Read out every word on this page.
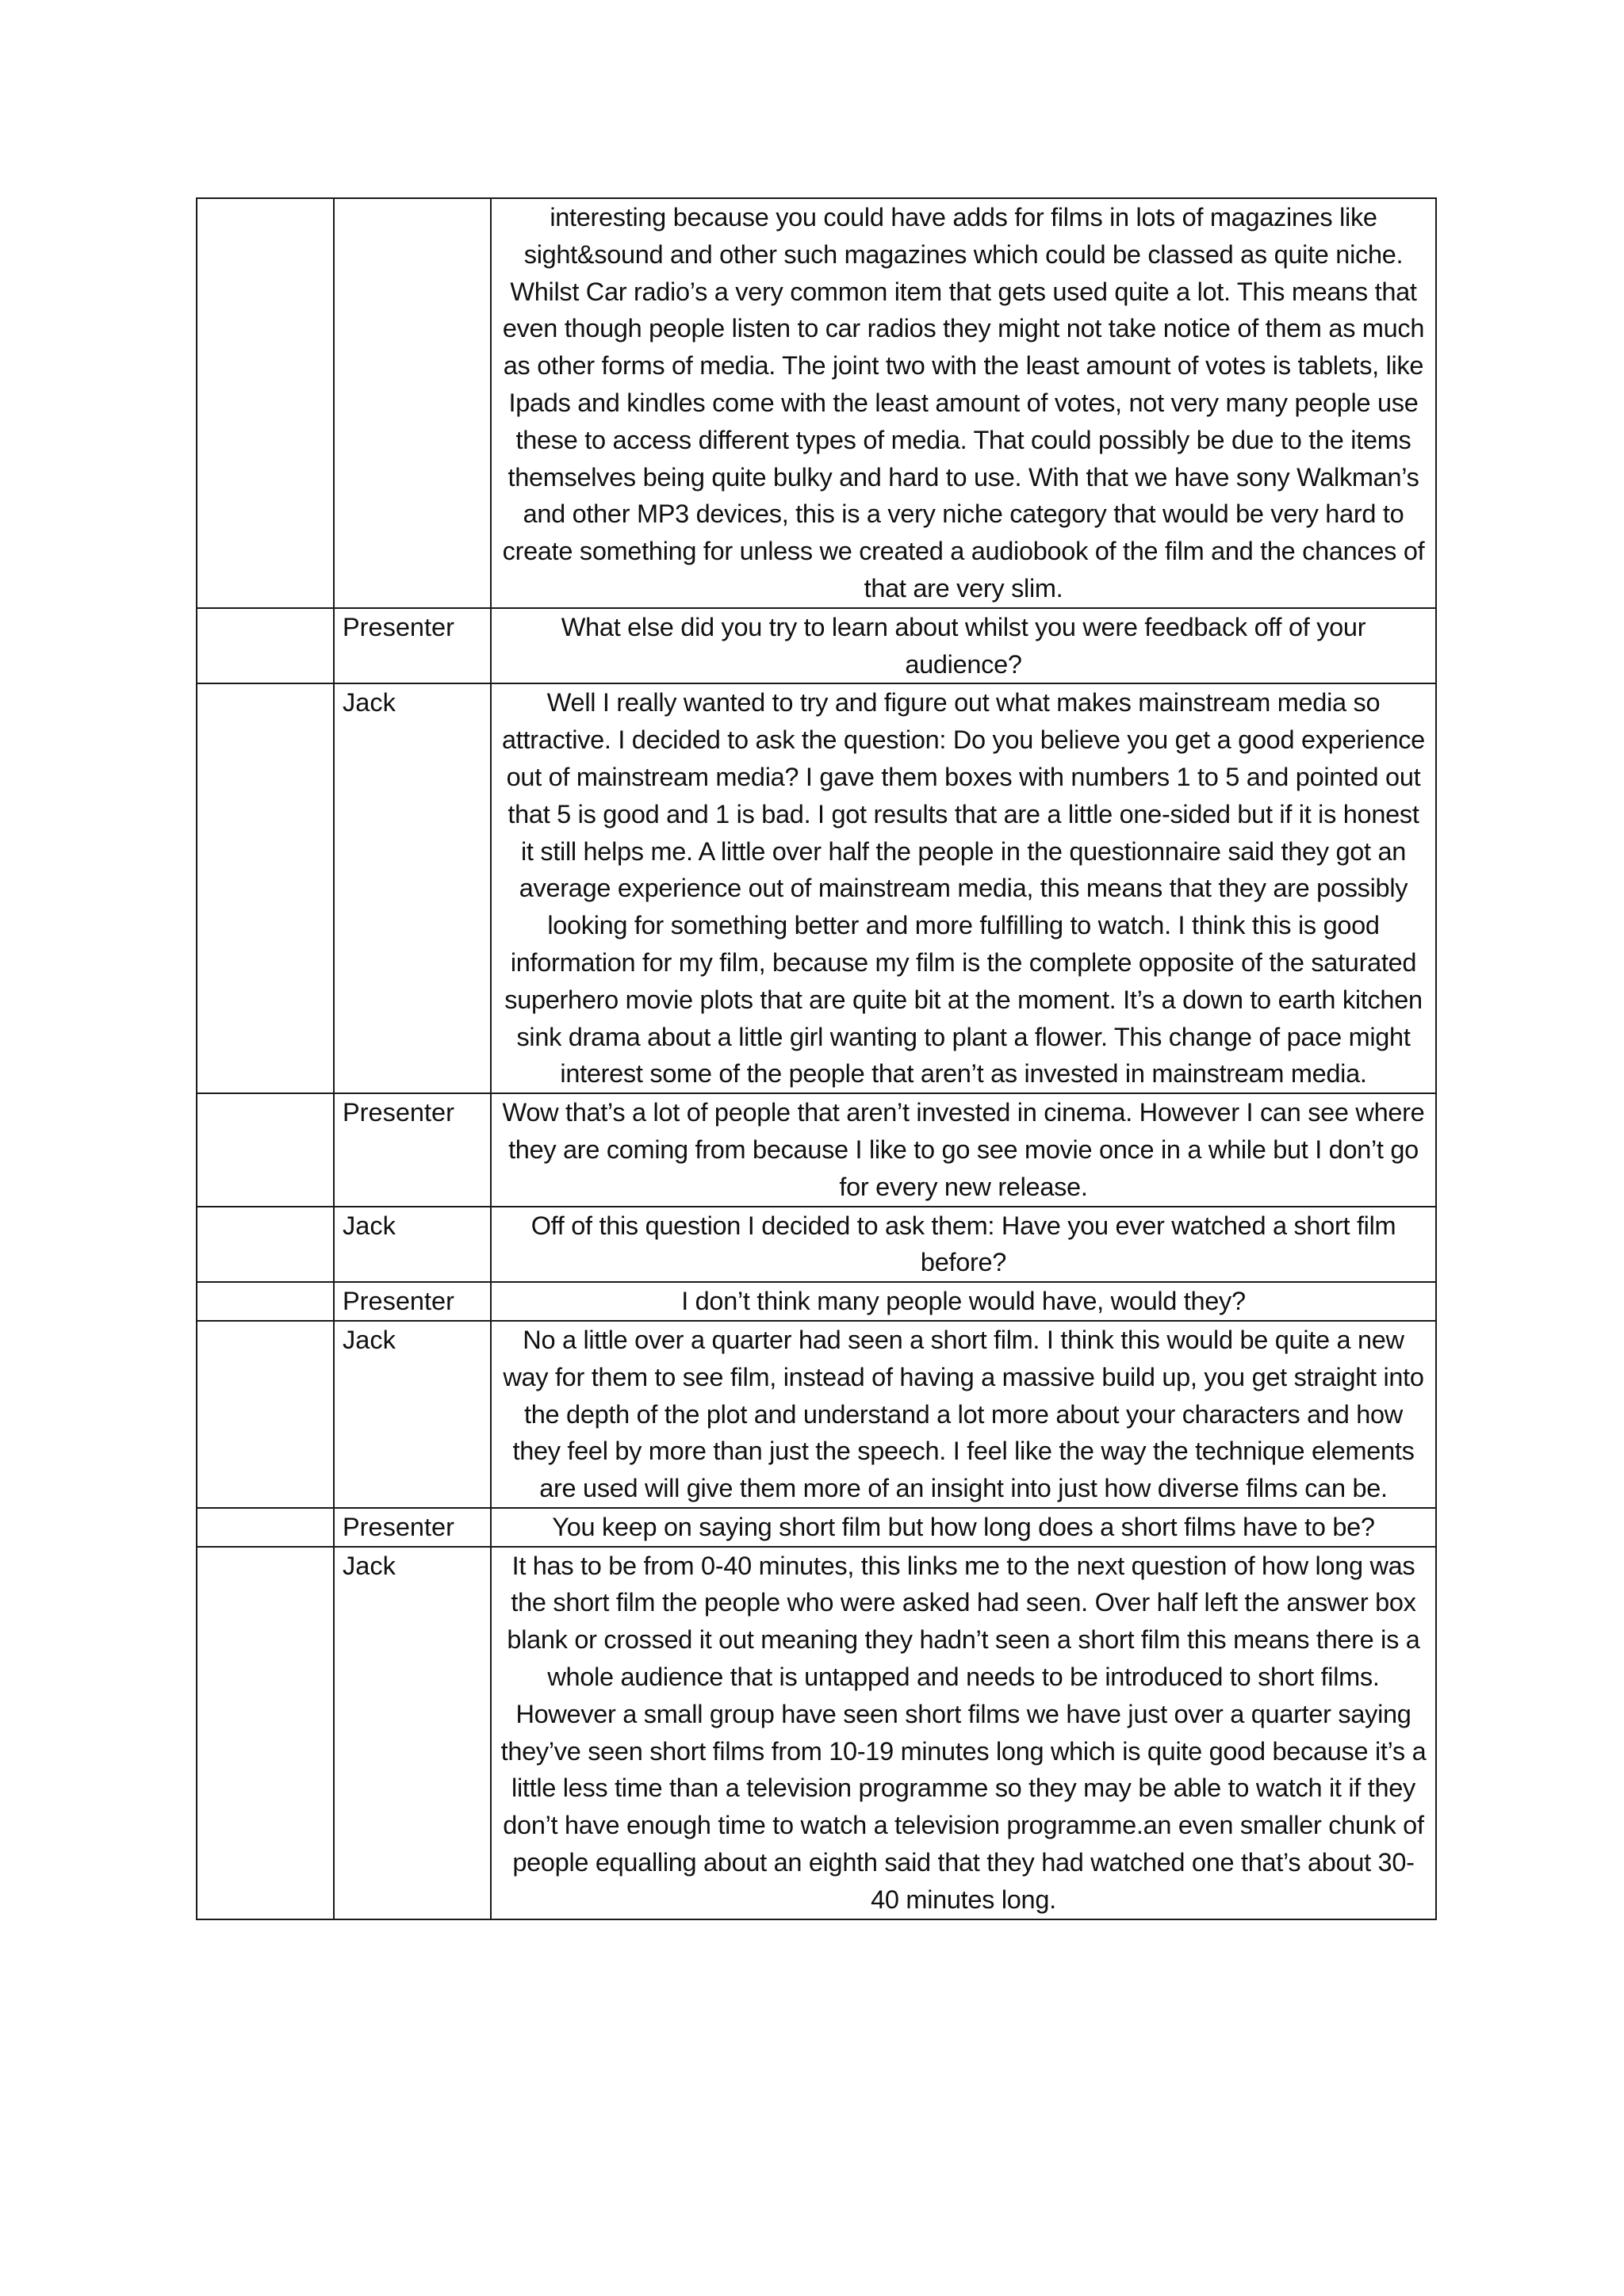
		interesting because you could have adds for films in lots of magazines like sight&sound and other such magazines which could be classed as quite niche. Whilst Car radio’s a very common item that gets used quite a lot. This means that even though people listen to car radios they might not take notice of them as much as other forms of media. The joint two with the least amount of votes is tablets, like Ipads and kindles come with the least amount of votes, not very many people use these to access different types of media. That could possibly be due to the items themselves being quite bulky and hard to use. With that we have sony Walkman’s and other MP3 devices, this is a very niche category that would be very hard to create something for unless we created a audiobook of the film and the chances of that are very slim.
	Presenter	What else did you try to learn about whilst you were feedback off of your audience?
	Jack	Well I really wanted to try and figure out what makes mainstream media so attractive. I decided to ask the question: Do you believe you get a good experience out of mainstream media? I gave them boxes with numbers 1 to 5 and pointed out that 5 is good and 1 is bad. I got results that are a little one-sided but if it is honest it still helps me. A little over half the people in the questionnaire said they got an average experience out of mainstream media, this means that they are possibly looking for something better and more fulfilling to watch. I think this is good information for my film, because my film is the complete opposite of the saturated superhero movie plots that are quite bit at the moment. It’s a down to earth kitchen sink drama about a little girl wanting to plant a flower. This change of pace might interest some of the people that aren’t as invested in mainstream media.
	Presenter	Wow that’s a lot of people that aren’t invested in cinema. However I can see where they are coming from because I like to go see movie once in a while but I don’t go for every new release.
	Jack	Off of this question I decided to ask them: Have you ever watched a short film before?
	Presenter	I don’t think many people would have, would they?
	Jack	No a little over a quarter had seen a short film. I think this would be quite a new way for them to see film, instead of having a massive build up, you get straight into the depth of the plot and understand a lot more about your characters and how they feel by more than just the speech. I feel like the way the technique elements are used will give them more of an insight into just how diverse films can be.
	Presenter	You keep on saying short film but how long does a short films have to be?
	Jack	It has to be from 0-40 minutes, this links me to the next question of how long was the short film the people who were asked had seen. Over half left the answer box blank or crossed it out meaning they hadn’t seen a short film this means there is a whole audience that is untapped and needs to be introduced to short films. However a small group have seen short films we have just over a quarter saying they’ve seen short films from 10-19 minutes long which is quite good because it’s a little less time than a television programme so they may be able to watch it if they don’t have enough time to watch a television programme.an even smaller chunk of people equalling about an eighth said that they had watched one that’s about 30-40 minutes long.
